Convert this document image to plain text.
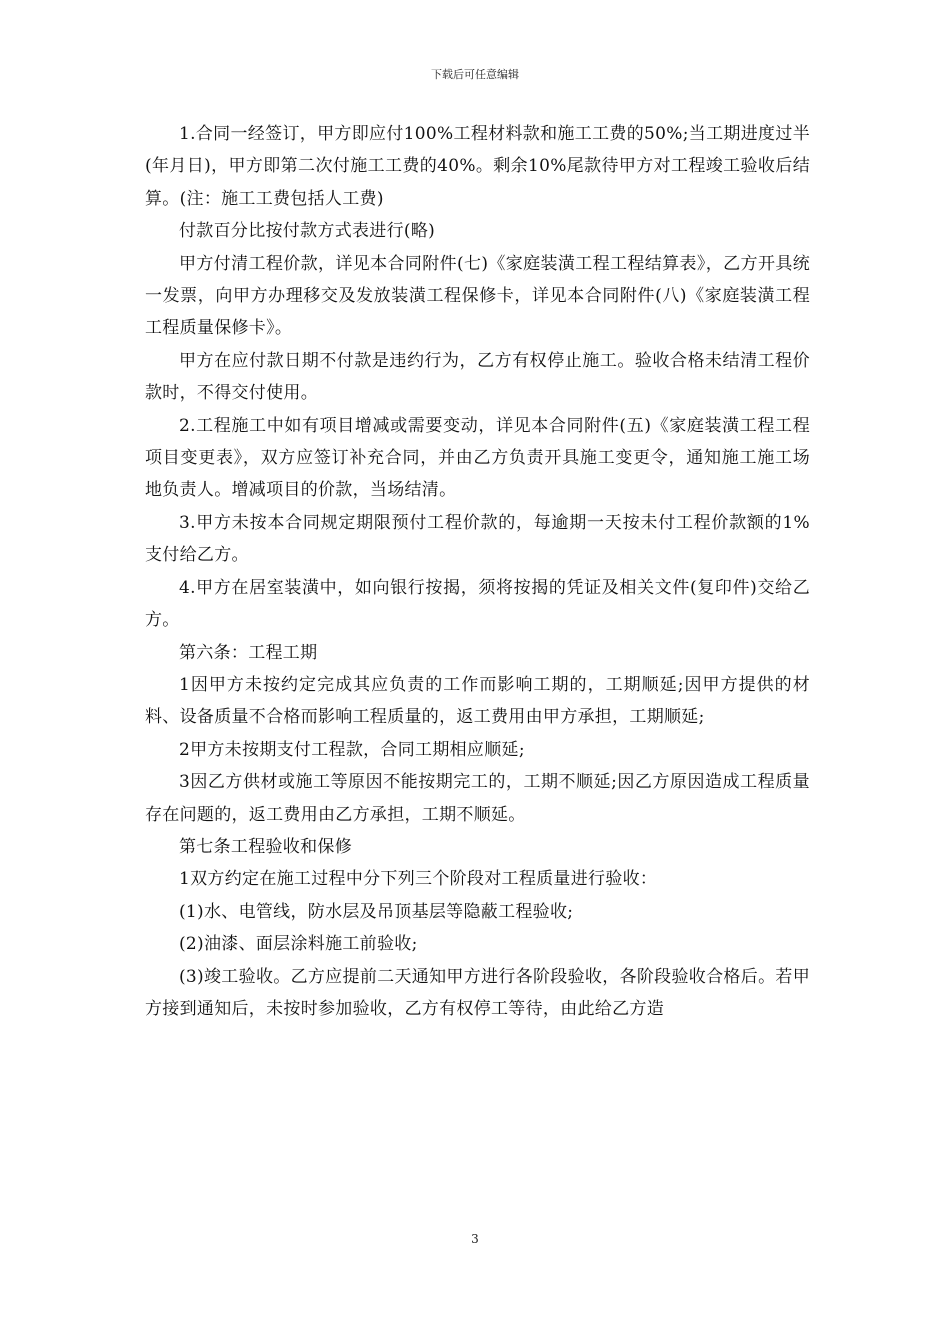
下载后可任意编辑

1.合同一经签订，甲方即应付100%工程材料款和施工工费的50%;当工期进度过半(年月日)，甲方即第二次付施工工费的40%。剩余10%尾款待甲方对工程竣工验收后结算。(注：施工工费包括人工费)

付款百分比按付款方式表进行(略)

甲方付清工程价款，详见本合同附件(七)《家庭装潢工程工程结算表》，乙方开具统一发票，向甲方办理移交及发放装潢工程保修卡，详见本合同附件(八)《家庭装潢工程工程质量保修卡》。

甲方在应付款日期不付款是违约行为，乙方有权停止施工。验收合格未结清工程价款时，不得交付使用。

2.工程施工中如有项目增减或需要变动，详见本合同附件(五)《家庭装潢工程工程项目变更表》，双方应签订补充合同，并由乙方负责开具施工变更令，通知施工施工场地负责人。增减项目的价款，当场结清。

3.甲方未按本合同规定期限预付工程价款的，每逾期一天按未付工程价款额的1%支付给乙方。

4.甲方在居室装潢中，如向银行按揭，须将按揭的凭证及相关文件(复印件)交给乙方。

第六条：工程工期

1因甲方未按约定完成其应负责的工作而影响工期的，工期顺延;因甲方提供的材料、设备质量不合格而影响工程质量的，返工费用由甲方承担，工期顺延;

2甲方未按期支付工程款，合同工期相应顺延;

3因乙方供材或施工等原因不能按期完工的，工期不顺延;因乙方原因造成工程质量存在问题的，返工费用由乙方承担，工期不顺延。

第七条工程验收和保修

1双方约定在施工过程中分下列三个阶段对工程质量进行验收：

(1)水、电管线，防水层及吊顶基层等隐蔽工程验收;

(2)油漆、面层涂料施工前验收;

(3)竣工验收。乙方应提前二天通知甲方进行各阶段验收，各阶段验收合格后。若甲方接到通知后，未按时参加验收，乙方有权停工等待，由此给乙方造

3
